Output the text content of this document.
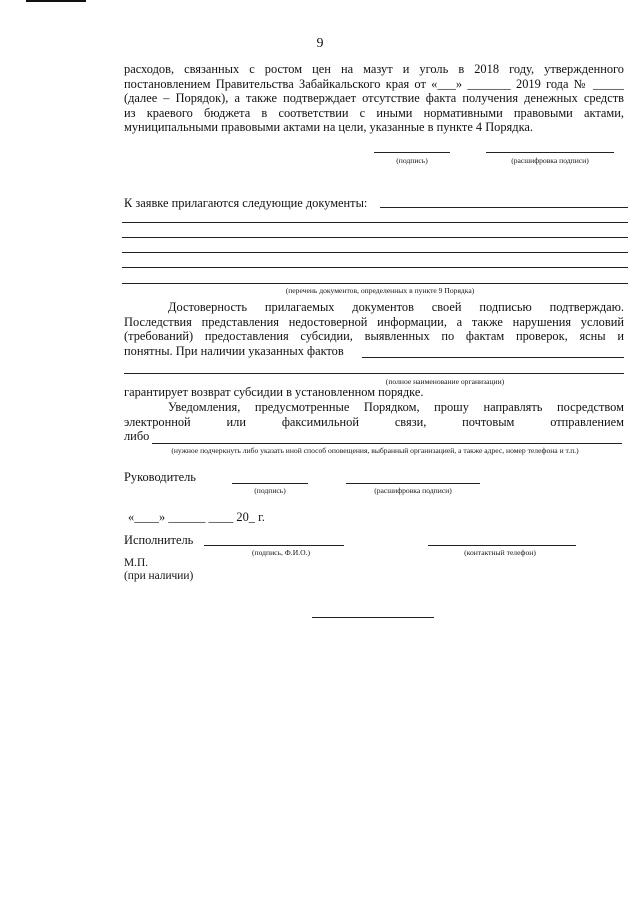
9
расходов, связанных с ростом цен на мазут и уголь в 2018 году, утвержденного
постановлением Правительства Забайкальского края от «___» _______ 2019 года № _____
(далее – Порядок), а также подтверждает отсутствие факта получения денежных средств
из краевого бюджета в соответствии с иными нормативными правовыми актами,
муниципальными правовыми актами на цели, указанные в пункте 4 Порядка.
(подпись)	(расшифровка подписи)
К заявке прилагаются следующие документы:
(перечень документов, определенных в пункте 9 Порядка)
Достоверность прилагаемых документов своей подписью подтверждаю.
Последствия представления недостоверной информации, а также нарушения условий
(требований) предоставления субсидии, выявленных по фактам проверок, ясны и
понятны. При наличии указанных фактов
(полное наименование организации)
гарантирует возврат субсидии в установленном порядке.
Уведомления, предусмотренные Порядком, прошу направлять посредством
электронной	или	факсимильной	связи,	почтовым	отправлением
либо
(нужное подчеркнуть либо указать иной способ оповещения, выбранный организацией, а также адрес, номер телефона и т.п.)
Руководитель
(подпись)	(расшифровка подписи)
«____» ______ ____ 20_ г.
Исполнитель
(подпись, Ф.И.О.)	(контактный телефон)
М.П.
(при наличии)
